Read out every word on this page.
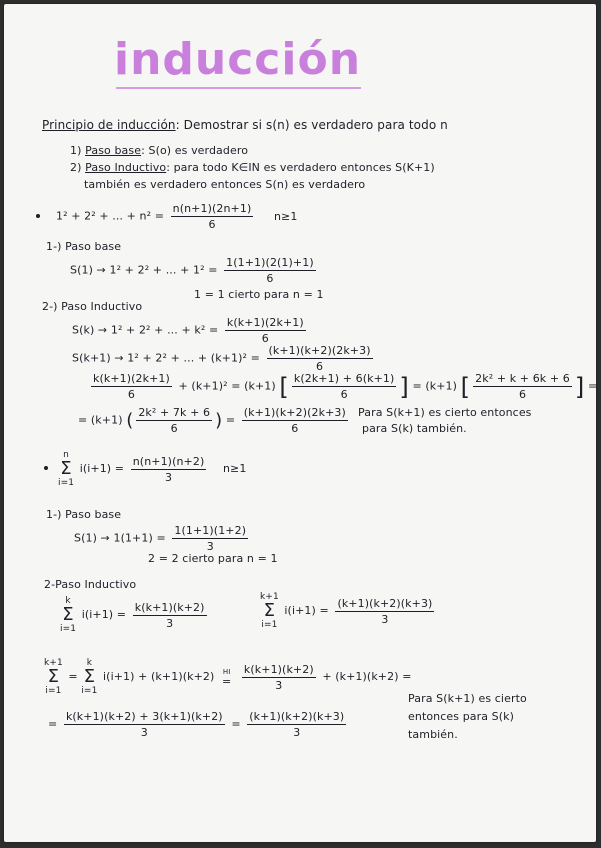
inducción
Principio de inducción: Demostrar si s(n) es verdadero para todo n
1) Paso base: S(o) es verdadero
2) Paso Inductivo: para todo K∈IN es verdadero entonces S(K+1)
también es verdadero entonces S(n) es verdadero
1² + 2² + ... + $n^2 = \frac{n(n+1)(2n+1)}{6} n\ge 1$
1-) Paso base
S(1) → 1² + 2² + ... + $1^2 = \frac{1(1+1)(2(1)+1)}{6}$
1 = 1 cierto para n = 1
2-) Paso Inductivo
S(k) → 1² + 2² + ... + $k^2 = \frac{k(k+1)(2k+1)}{6}$
S(k+1) → 1² + 2² + ... + $(k+1)^2 = \frac{(k+1)(k+2)(2k+3)}{6}$
$\frac{k(k+1)(2k+1)}{6} + (k+1)^2 = (k+1)$ [ $\frac{k(2k+1) + 6(k+1)}{6}$ ] = (k+1) [ $\frac{\text{2k² + k + 6k + 6}}{6}$ ] =
= (k+1) ( $\frac{\text{2k² + 7k + 6}}{6}$ ) = $\frac{(k+1)(k+2)(2k+3)}{6}$ Para S(k+1) es cierto entonces
para S(k) también.
n
Σ
i=1 $i(i+1) = \frac{n(n+1)(n+2)}{3} n\ge 1$
1-) Paso base
$S(1) \to 1(1+1) = \frac{1(1+1)(1+2)}{3}$
2 = 2 cierto para n = 1
2-Paso Inductivo
k
Σ
i=1 $i(i+1) = \frac{k(k+1)(k+2)}{3}$
k+1
Σ
i=1 $i(i+1) = \frac{(k+1)(k+2)(k+3)}{3}$
k+1
Σ
i=1 = k
Σ
i=1 i(i+1) + (k+1)(k+2) HI
= $\frac{k(k+1)(k+2)}{3} + (k+1)(k+2)$ =
= $\frac{k(k+1)(k+2) + 3(k+1)(k+2)}{3} = \frac{(k+1)(k+2)(k+3)}{3}$
Para S(k+1) es cierto
entonces para S(k)
también.
